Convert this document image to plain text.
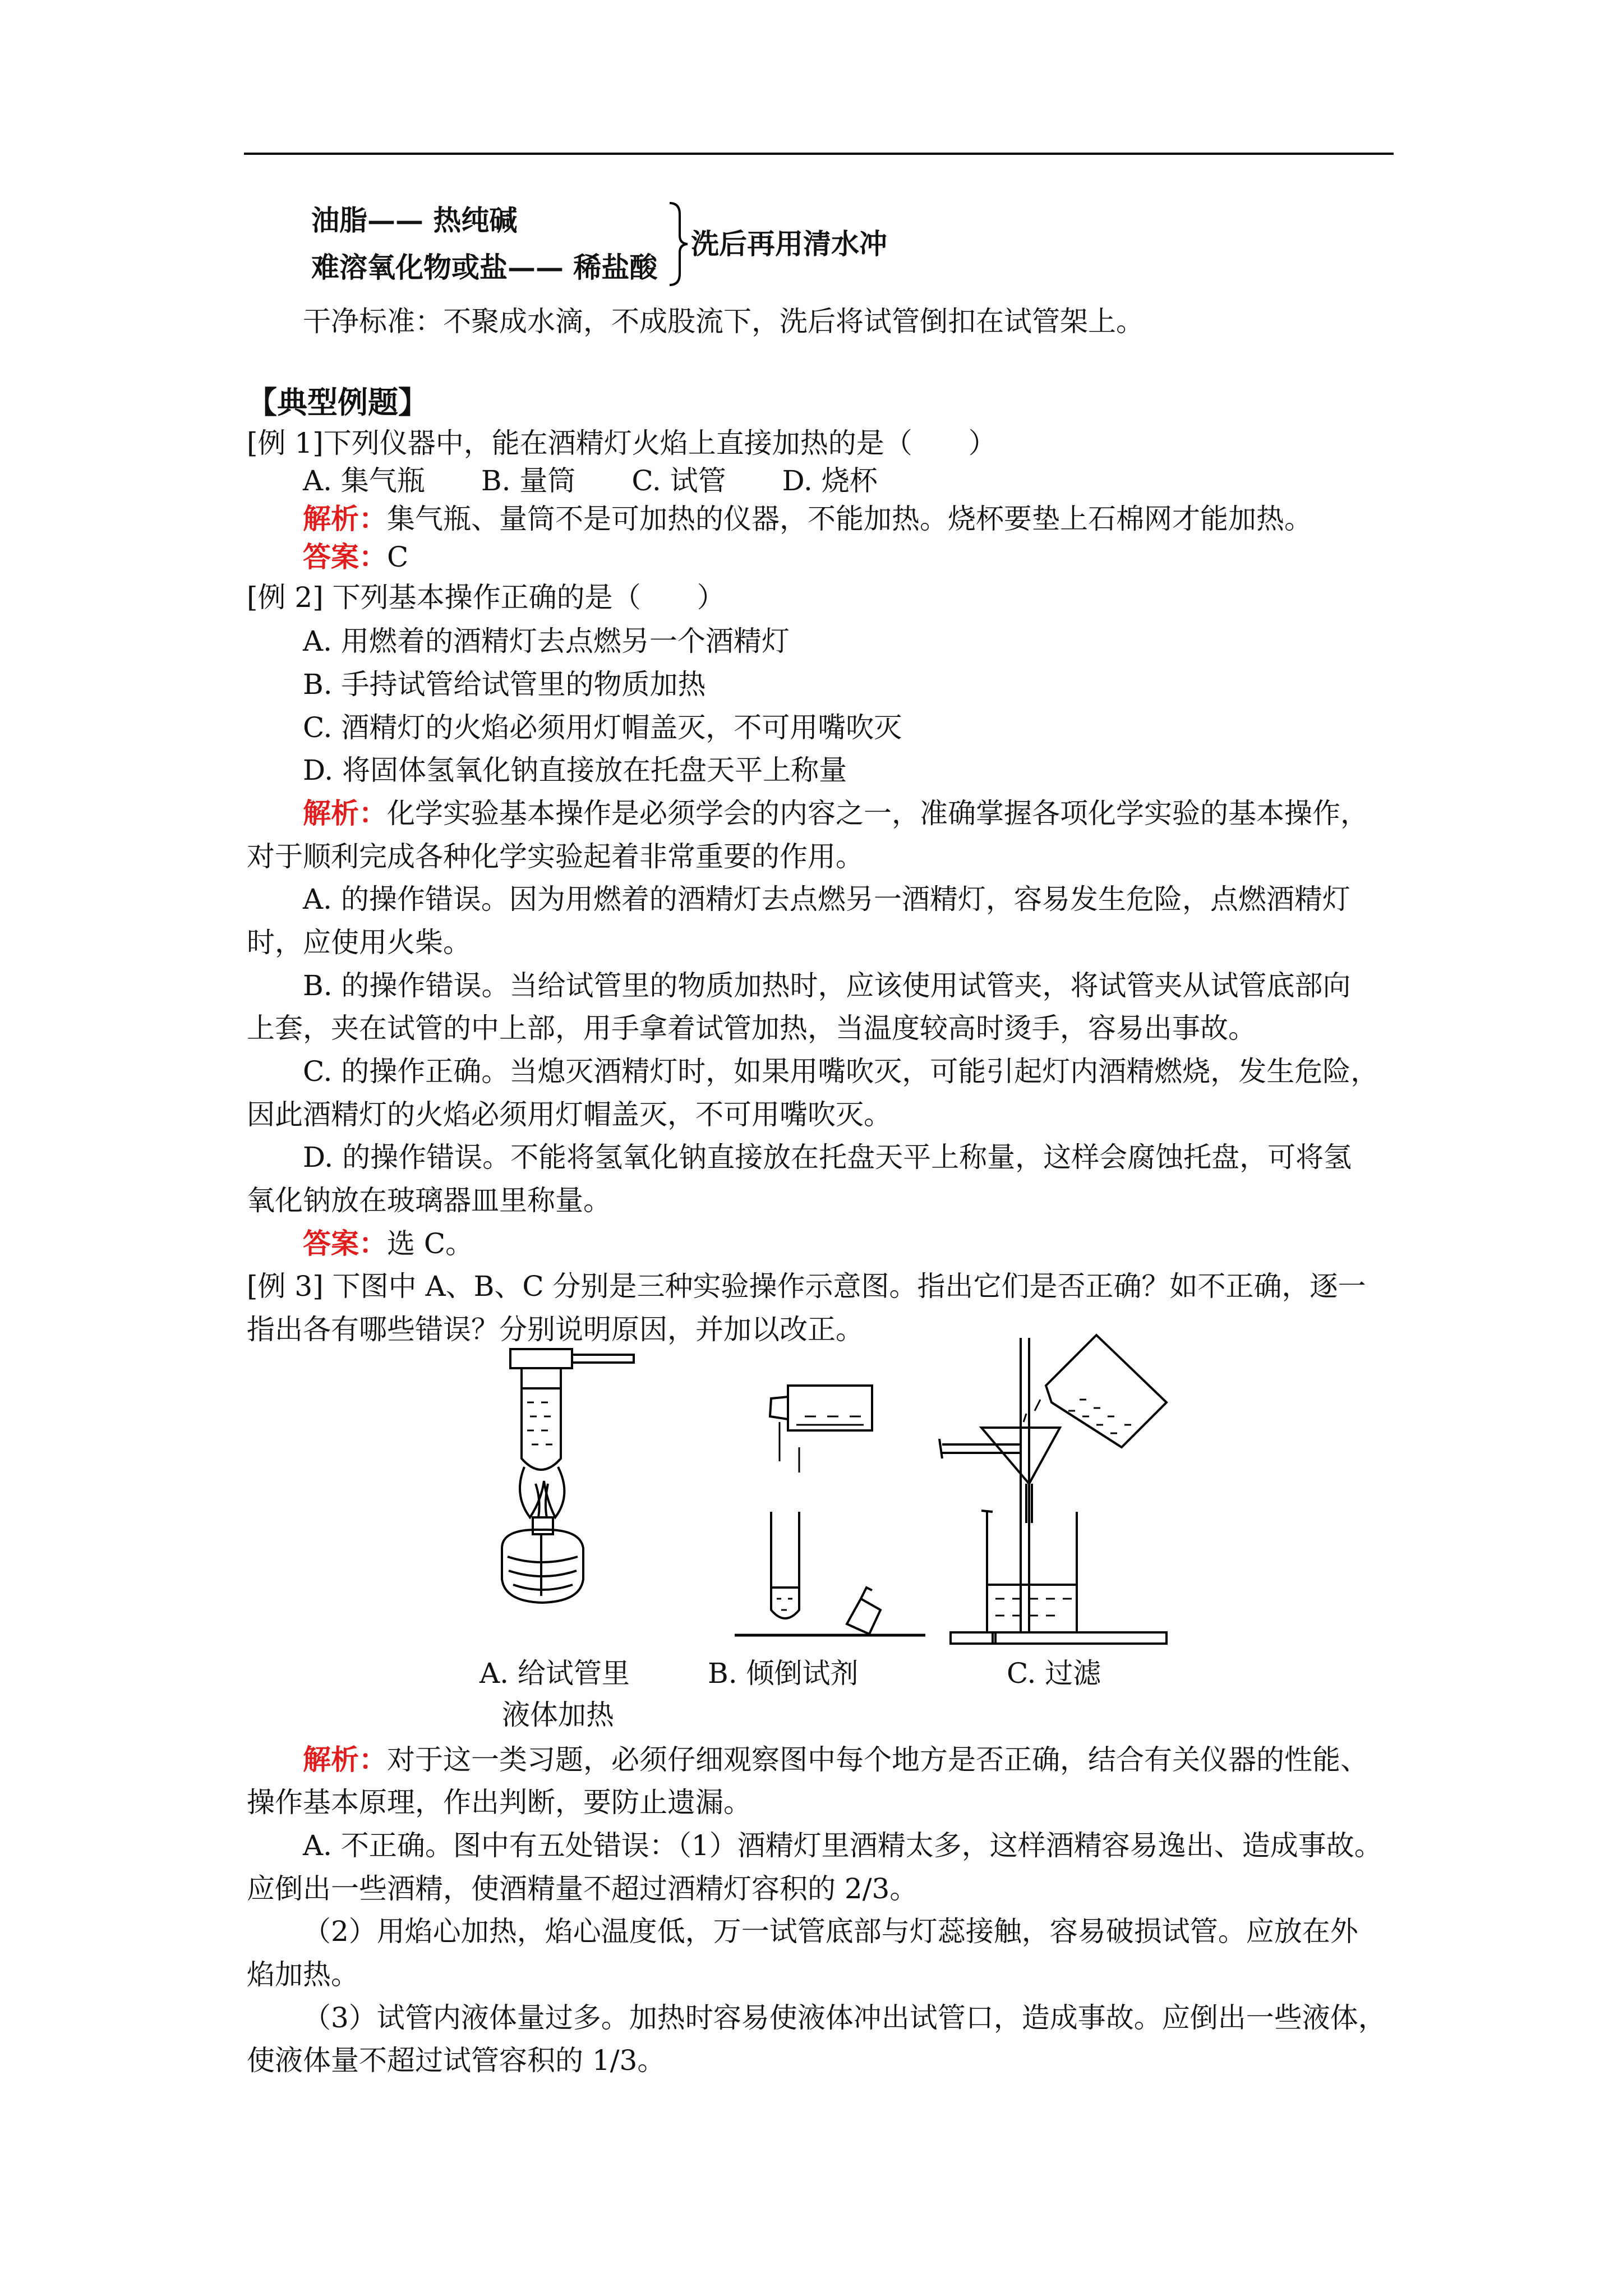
油脂—— 热纯碱
难溶氧化物或盐—— 稀盐酸
洗后再用清水冲
干净标准：不聚成水滴，不成股流下，洗后将试管倒扣在试管架上。
【典型例题】
[例 1]下列仪器中，能在酒精灯火焰上直接加热的是（　　）
A. 集气瓶　　B. 量筒　　C. 试管　　D. 烧杯
解析：集气瓶、量筒不是可加热的仪器，不能加热。烧杯要垫上石棉网才能加热。
答案：C
[例 2] 下列基本操作正确的是（　　）
A. 用燃着的酒精灯去点燃另一个酒精灯
B. 手持试管给试管里的物质加热
C. 酒精灯的火焰必须用灯帽盖灭，不可用嘴吹灭
D. 将固体氢氧化钠直接放在托盘天平上称量
解析：化学实验基本操作是必须学会的内容之一，准确掌握各项化学实验的基本操作，
对于顺利完成各种化学实验起着非常重要的作用。
A. 的操作错误。因为用燃着的酒精灯去点燃另一酒精灯，容易发生危险，点燃酒精灯
时，应使用火柴。
B. 的操作错误。当给试管里的物质加热时，应该使用试管夹，将试管夹从试管底部向
上套，夹在试管的中上部，用手拿着试管加热，当温度较高时烫手，容易出事故。
C. 的操作正确。当熄灭酒精灯时，如果用嘴吹灭，可能引起灯内酒精燃烧，发生危险，
因此酒精灯的火焰必须用灯帽盖灭，不可用嘴吹灭。
D. 的操作错误。不能将氢氧化钠直接放在托盘天平上称量，这样会腐蚀托盘，可将氢
氧化钠放在玻璃器皿里称量。
答案：选 C。
[例 3] 下图中 A、B、C 分别是三种实验操作示意图。指出它们是否正确？如不正确，逐一
指出各有哪些错误？分别说明原因，并加以改正。
A. 给试管里
液体加热
B. 倾倒试剂	C. 过滤
解析：对于这一类习题，必须仔细观察图中每个地方是否正确，结合有关仪器的性能、
操作基本原理，作出判断，要防止遗漏。
A. 不正确。图中有五处错误：（1）酒精灯里酒精太多，这样酒精容易逸出、造成事故。
应倒出一些酒精，使酒精量不超过酒精灯容积的 2/3。
（2）用焰心加热，焰心温度低，万一试管底部与灯蕊接触，容易破损试管。应放在外
焰加热。
（3）试管内液体量过多。加热时容易使液体冲出试管口，造成事故。应倒出一些液体，
使液体量不超过试管容积的 1/3。
